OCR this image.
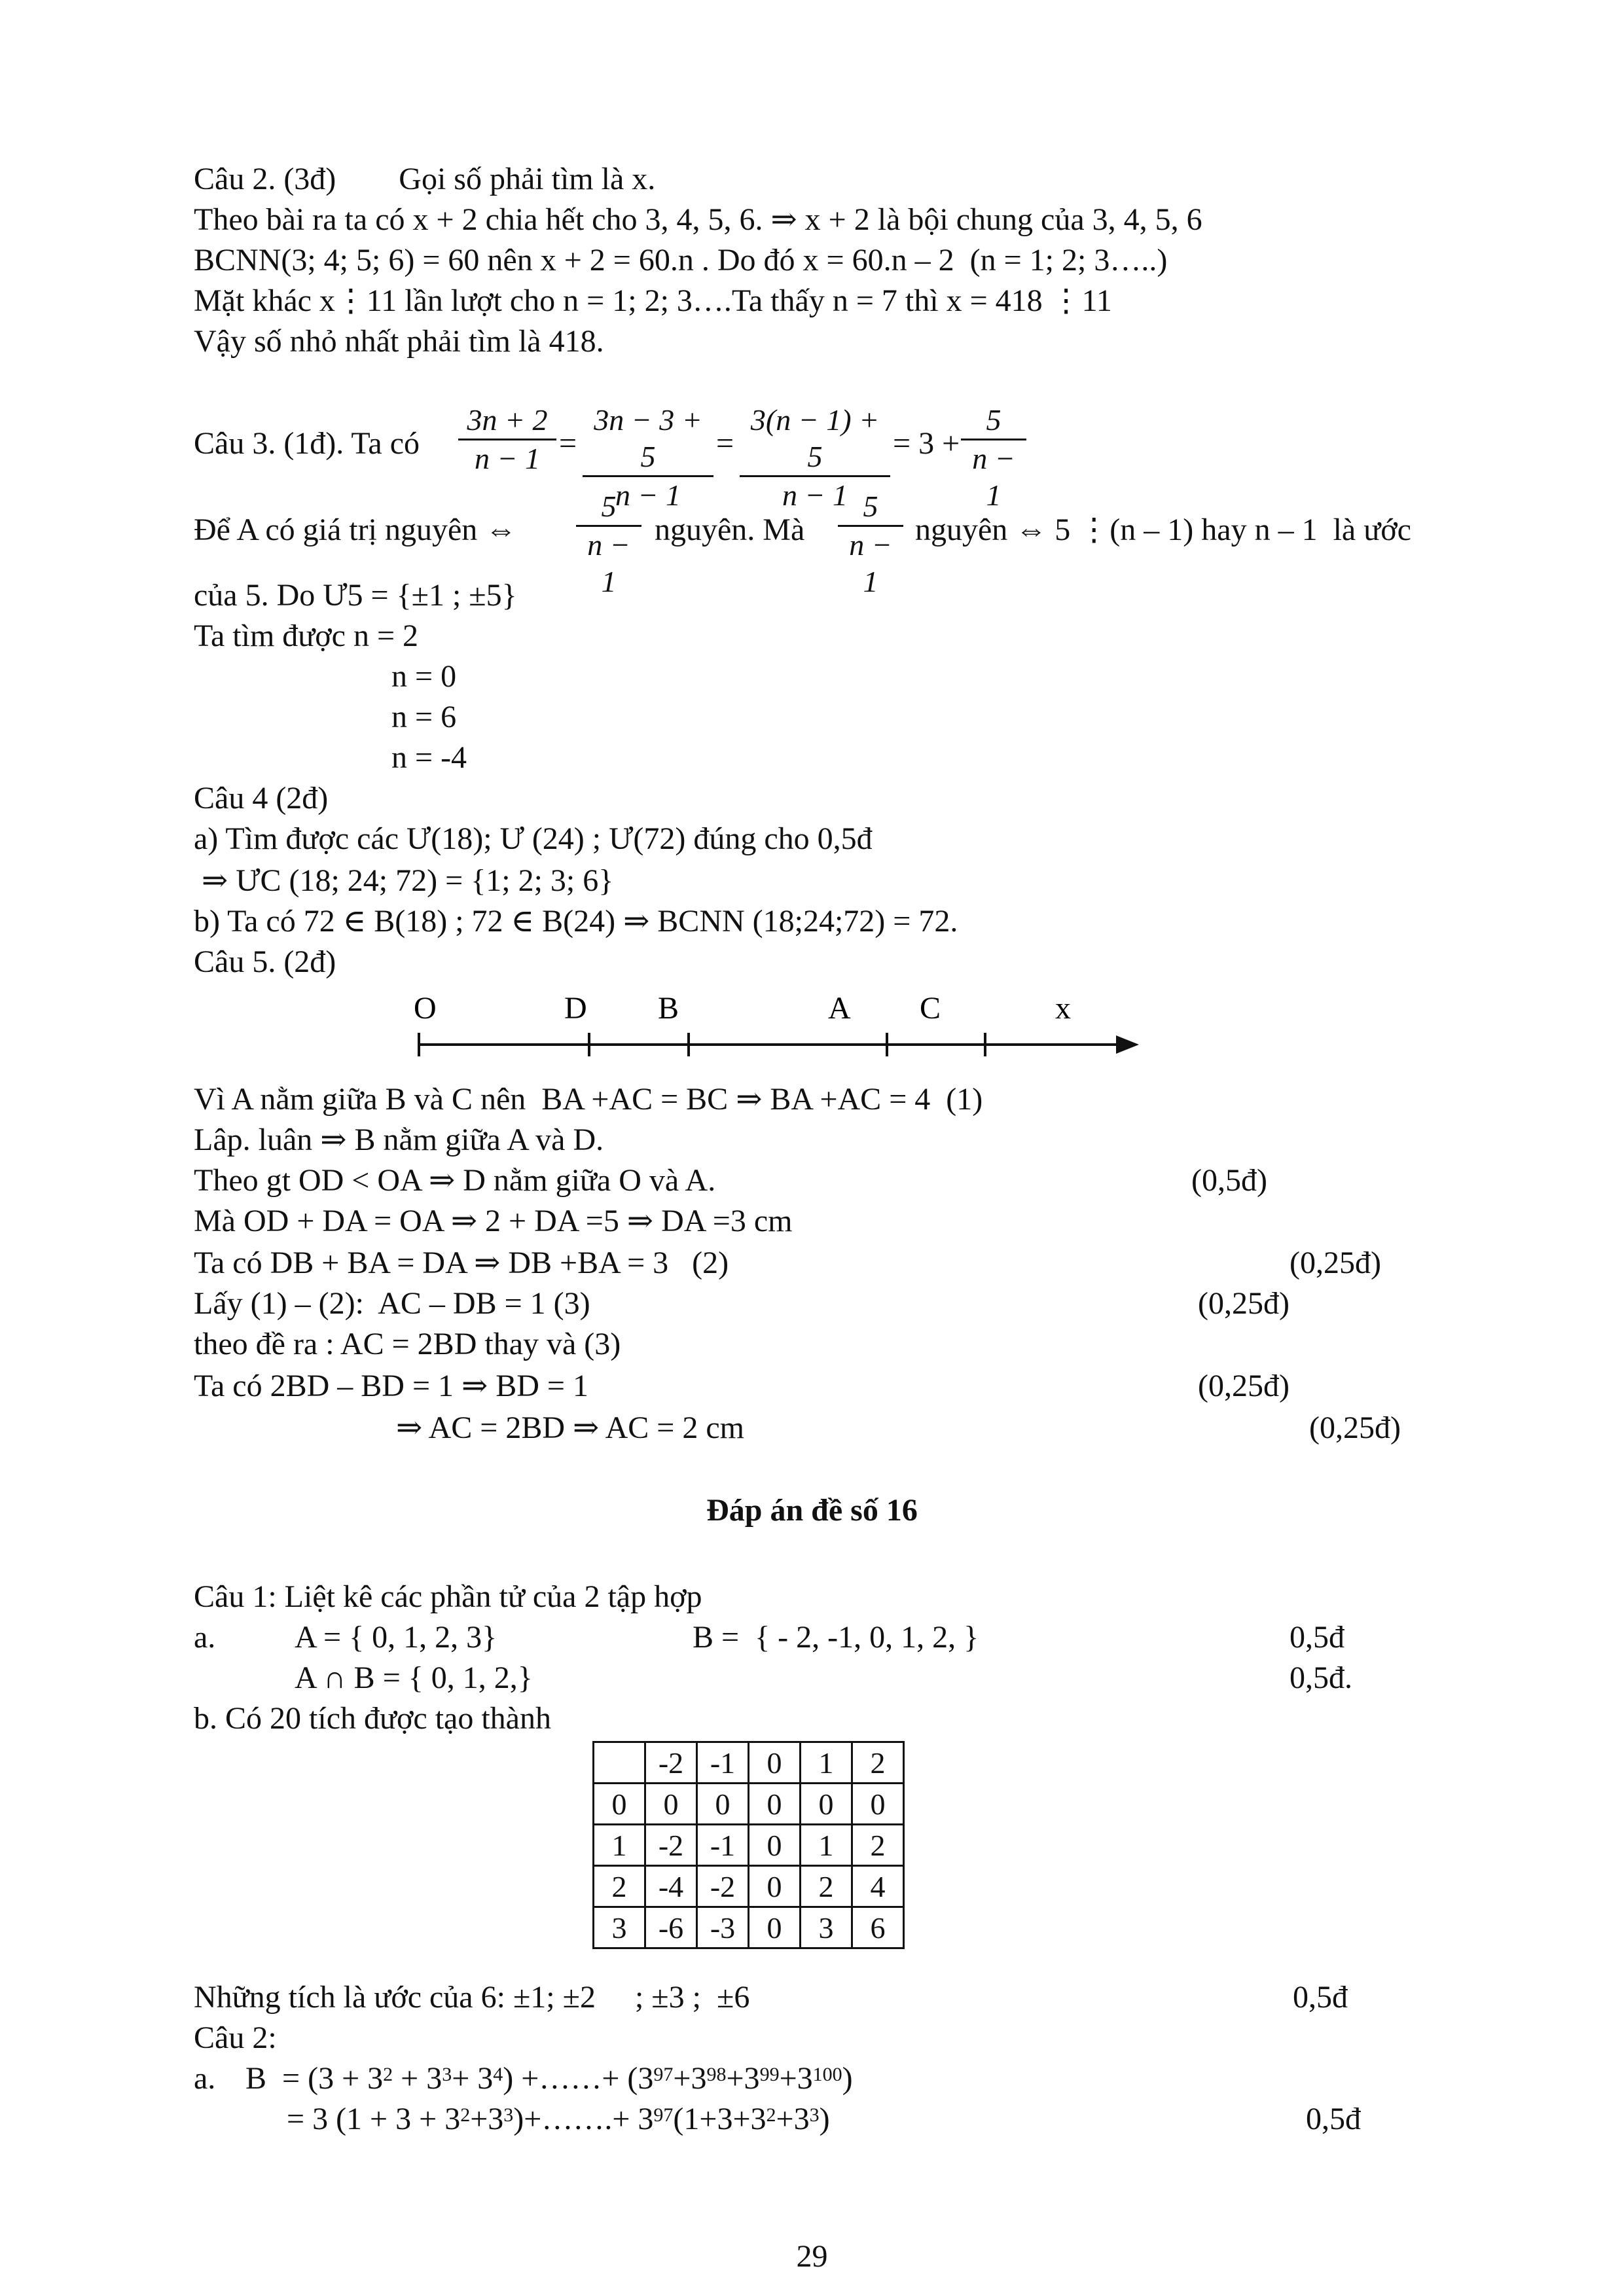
Câu 2. (3đ)        Gọi số phải tìm là x.
Theo bài ra ta có x + 2 chia hết cho 3, 4, 5, 6. ⇒ x + 2 là bội chung của 3, 4, 5, 6
BCNN(3; 4; 5; 6) = 60 nên x + 2 = 60.n . Do đó x = 60.n – 2  (n = 1; 2; 3…..)
Mặt khác x⋮11 lần lượt cho n = 1; 2; 3….Ta thấy n = 7 thì x = 418 ⋮11
Vậy số nhỏ nhất phải tìm là 418.
Câu 3. (1đ). Ta có
3n + 2
n − 1 =
3n − 3 + 5
n − 1
=
3(n − 1) + 5
n − 1
= 3 +
5
n − 1
Để A có giá trị nguyên ⇔
5
n − 1
nguyên. Mà
5
n − 1
nguyên ⇔ 5 ⋮(n – 1) hay n – 1  là ước
của 5. Do Ư5 = {±1 ; ±5}
Ta tìm được n = 2
n = 0
n = 6
n = -4
Câu 4 (2đ)
a) Tìm được các Ư(18); Ư (24) ; Ư(72) đúng cho 0,5đ
⇒ ƯC (18; 24; 72) = {1; 2; 3; 6}
b) Ta có 72 ∈ B(18) ; 72 ∈ B(24) ⇒ BCNN (18;24;72) = 72.
Câu 5. (2đ)
O	D B	A C	x
Vì A nằm giữa B và C nên  BA +AC = BC ⇒ BA +AC = 4  (1)
Lâp. luân ⇒ B nằm giữa A và D.
Theo gt OD < OA ⇒ D nằm giữa O và A.	(0,5đ)
Mà OD + DA = OA ⇒ 2 + DA =5 ⇒ DA =3 cm
Ta có DB + BA = DA ⇒ DB +BA = 3   (2)	(0,25đ)
Lấy (1) – (2):  AC – DB = 1 (3)	(0,25đ)
theo đề ra : AC = 2BD thay và (3)
Ta có 2BD – BD = 1 ⇒ BD = 1	(0,25đ)
⇒ AC = 2BD ⇒ AC = 2 cm	(0,25đ)
Đáp án đề số 16
Câu 1: Liệt kê các phần tử của 2 tập hợp
a.	A = { 0, 1, 2, 3}	B =  { - 2, -1, 0, 1, 2, }	0,5đ
A ∩ B = { 0, 1, 2,}	0,5đ.
b. Có 20 tích được tạo thành
	-2	-1	0	1	2
0	0	0	0	0	0
1	-2	-1	0	1	2
2	-4	-2	0	2	4
3	-6	-3	0	3	6
Những tích là ước của 6: ±1; ±2     ; ±3 ;  ±6	0,5đ
Câu 2:
a. $B = (3 + 3^2 + 3^3+ 3^4)$ +……+ $(3^{97}+3^{98}+3^{99}+3^{100})$
= 3 $(1 + 3 + 3^2+3^3)+\dots\dots.+ 3^{97}(1+3+3^2+3^3)$	0,5đ
29
